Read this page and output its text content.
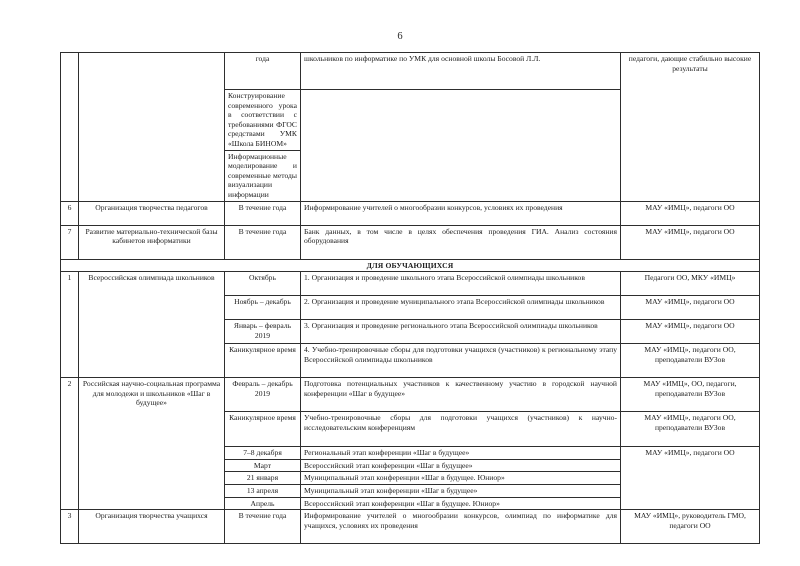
6
		года	школьников по информатике по УМК для основной школы Босовой Л.Л.	педагоги, дающие стабильно высокие результаты
		Конструирование современного урока в соответствии с требованиями ФГОС средствами УМК «Школа БИНОМ»		
		Информационные моделирование и современные методы визуализации информации		
6	Организация творчества педагогов	В течение года	Информирование учителей о многообразии конкурсов, условиях их проведения	МАУ «ИМЦ», педагоги ОО
7	Развитие материально-технической базы кабинетов информатики	В течение года	Банк данных, в том числе в целях обеспечения проведения ГИА. Анализ состояния оборудования	МАУ «ИМЦ», педагоги ОО
ДЛЯ ОБУЧАЮЩИХСЯ				
1	Всероссийская олимпиада школьников	Октябрь	1. Организация и проведение школьного этапа Всероссийской олимпиады школьников	Педагоги ОО, МКУ «ИМЦ»
		Ноябрь – декабрь	2. Организация и проведение муниципального этапа Всероссийской олимпиады школьников	МАУ «ИМЦ», педагоги ОО
		Январь – февраль 2019	3. Организация и проведение регионального этапа Всероссийской олимпиады школьников	МАУ «ИМЦ», педагоги ОО
		Каникулярное время	4. Учебно-тренировочные сборы для подготовки учащихся (участников) к региональному этапу Всероссийской олимпиады школьников	МАУ «ИМЦ», педагоги ОО, преподаватели ВУЗов
2	Российская научно-социальная программа для молодежи и школьников «Шаг в будущее»	Февраль – декабрь 2019	Подготовка потенциальных участников к качественному участию в городской научной конференции «Шаг в будущее»	МАУ «ИМЦ», ОО, педагоги, преподаватели ВУЗов
		Каникулярное время	Учебно-тренировочные сборы для подготовки учащихся (участников) к научно-исследовательским конференциям	МАУ «ИМЦ», педагоги ОО, преподаватели ВУЗов
		7–8 декабря	Региональный этап конференции «Шаг в будущее»	МАУ «ИМЦ», педагоги ОО
		Март	Всероссийский этап конференции «Шаг в будущее»	
		21 января	Муниципальный этап конференции «Шаг в будущее. Юниор»	
		13 апреля	Муниципальный этап конференции «Шаг в будущее»	
		Апрель	Всероссийский этап конференции «Шаг в будущее. Юниор»	
3	Организация творчества учащихся	В течение года	Информирование учителей о многообразии конкурсов, олимпиад по информатике для учащихся, условиях их проведения	МАУ «ИМЦ», руководитель ГМО, педагоги ОО
